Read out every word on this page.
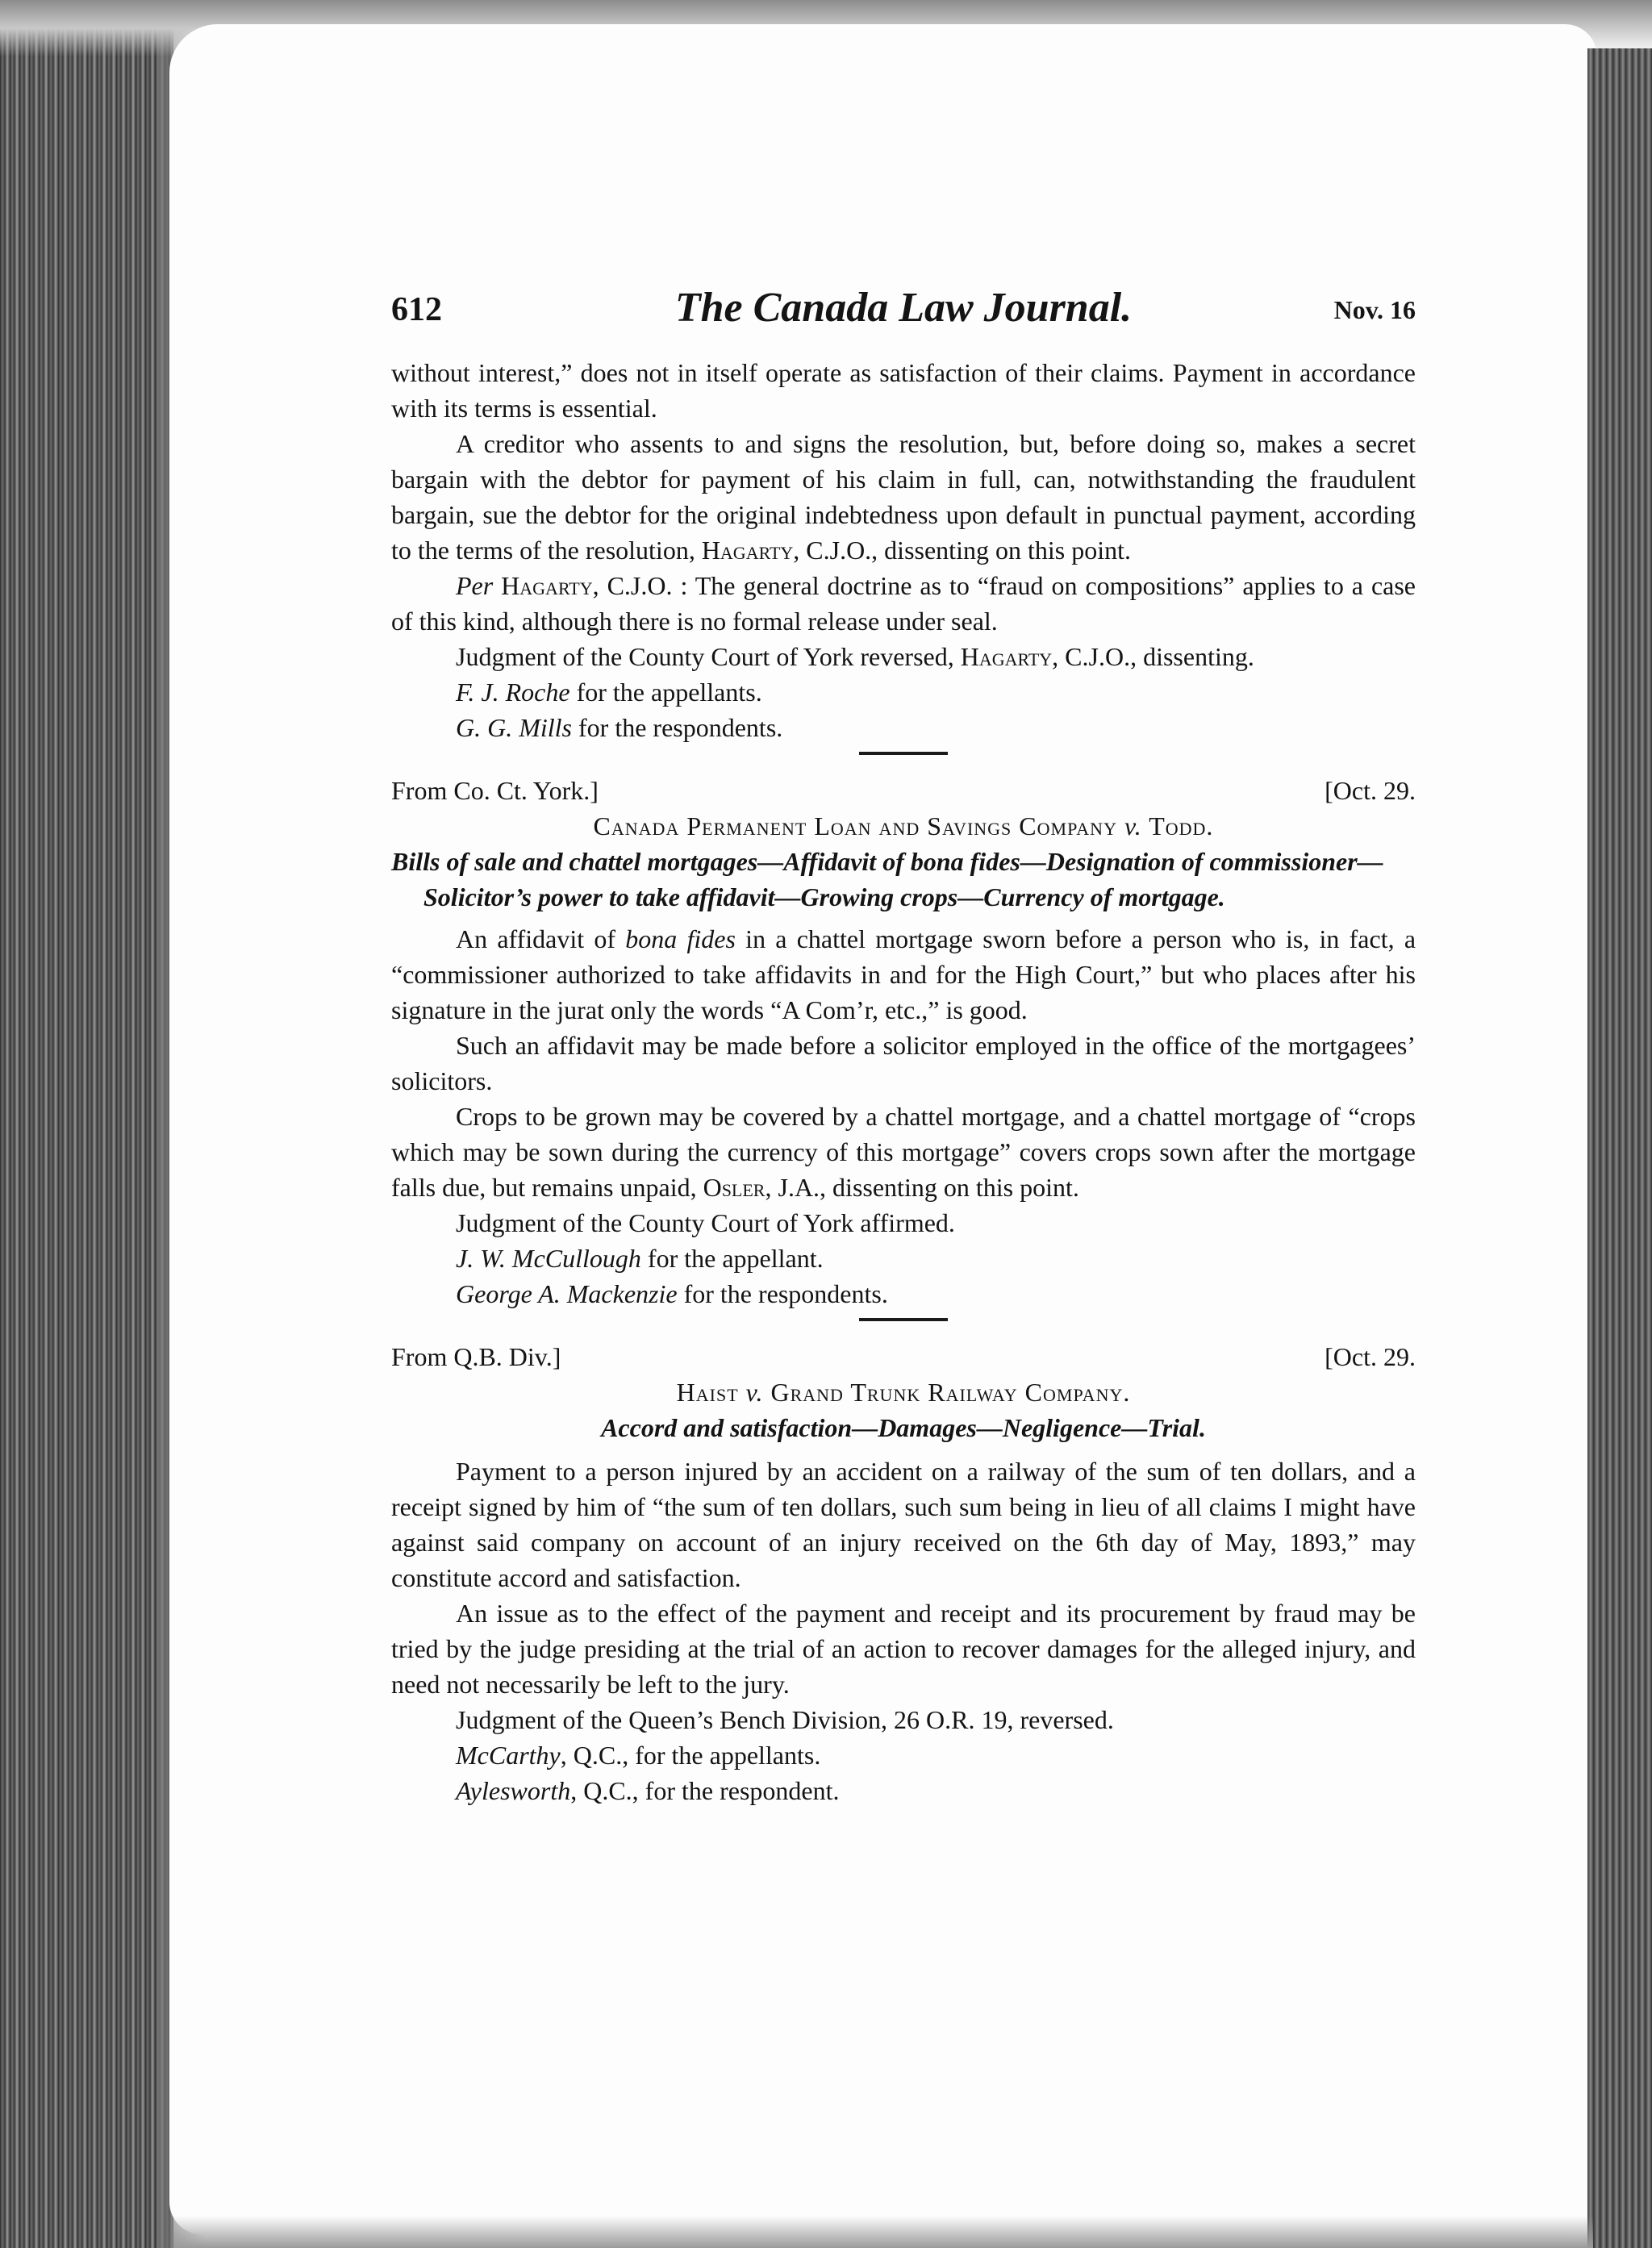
612	The Canada Law Journal.	Nov. 16

without interest,” does not in itself operate as satisfaction of their claims. Payment in accordance with its terms is essential.

A creditor who assents to and signs the resolution, but, before doing so, makes a secret bargain with the debtor for payment of his claim in full, can, notwithstanding the fraudulent bargain, sue the debtor for the original indebtedness upon default in punctual payment, according to the terms of the resolution, Hagarty, C.J.O., dissenting on this point.

Per Hagarty, C.J.O. : The general doctrine as to “fraud on compositions” applies to a case of this kind, although there is no formal release under seal.

Judgment of the County Court of York reversed, Hagarty, C.J.O., dissenting.

F. J. Roche for the appellants.

G. G. Mills for the respondents.

From Co. Ct. York.]	[Oct. 29.

Canada Permanent Loan and Savings Company v. Todd.

Bills of sale and chattel mortgages—Affidavit of bona fides—Designation of commissioner—Solicitor’s power to take affidavit—Growing crops—Currency of mortgage.

An affidavit of bona fides in a chattel mortgage sworn before a person who is, in fact, a “commissioner authorized to take affidavits in and for the High Court,” but who places after his signature in the jurat only the words “A Com’r, etc.,” is good.

Such an affidavit may be made before a solicitor employed in the office of the mortgagees’ solicitors.

Crops to be grown may be covered by a chattel mortgage, and a chattel mortgage of “crops which may be sown during the currency of this mortgage” covers crops sown after the mortgage falls due, but remains unpaid, Osler, J.A., dissenting on this point.

Judgment of the County Court of York affirmed.

J. W. McCullough for the appellant.

George A. Mackenzie for the respondents.

From Q.B. Div.]	[Oct. 29.

Haist v. Grand Trunk Railway Company.

Accord and satisfaction—Damages—Negligence—Trial.

Payment to a person injured by an accident on a railway of the sum of ten dollars, and a receipt signed by him of “the sum of ten dollars, such sum being in lieu of all claims I might have against said company on account of an injury received on the 6th day of May, 1893,” may constitute accord and satisfaction.

An issue as to the effect of the payment and receipt and its procurement by fraud may be tried by the judge presiding at the trial of an action to recover damages for the alleged injury, and need not necessarily be left to the jury.

Judgment of the Queen’s Bench Division, 26 O.R. 19, reversed.

McCarthy, Q.C., for the appellants.

Aylesworth, Q.C., for the respondent.
